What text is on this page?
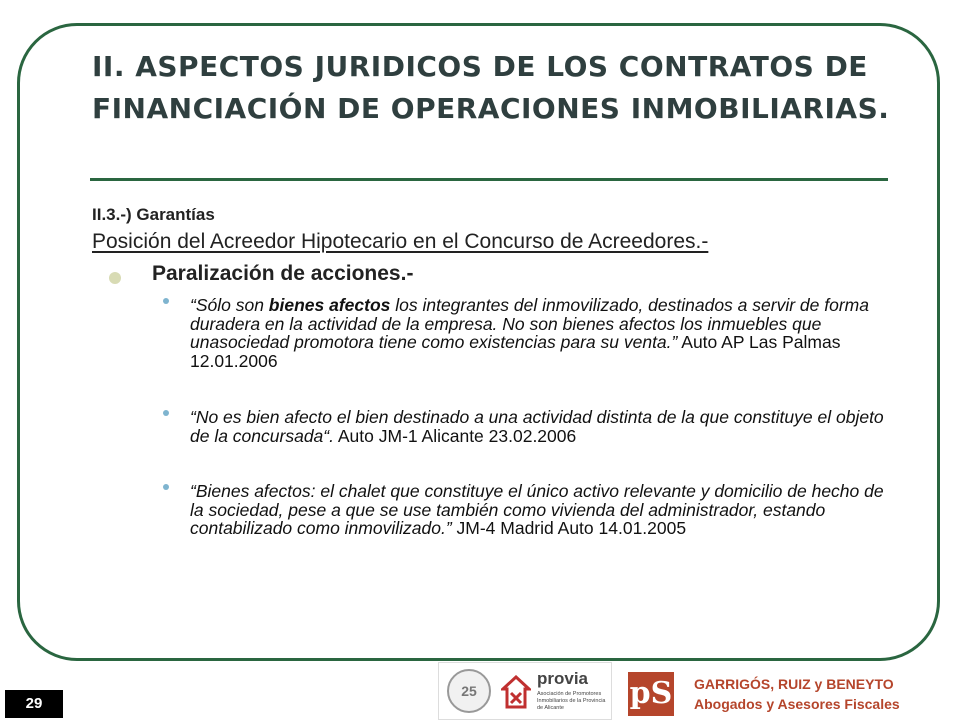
II. ASPECTOS JURIDICOS DE LOS CONTRATOS DE FINANCIACIÓN DE OPERACIONES INMOBILIARIAS.
II.3.-) Garantías
Posición del Acreedor Hipotecario en el Concurso de Acreedores.-
Paralización de acciones.-
“Sólo son bienes afectos los integrantes del inmovilizado, destinados a servir de forma duradera en la actividad de la empresa. No son bienes afectos los inmuebles que unasociedad promotora tiene como existencias para su venta.” Auto AP Las Palmas 12.01.2006
“No es bien afecto el bien destinado a una actividad distinta de la que constituye el objeto de la concursada“. Auto JM-1 Alicante 23.02.2006
“Bienes afectos: el chalet que constituye el único activo relevante y domicilio de hecho de la sociedad, pese a que se use también como vivienda del administrador, estando contabilizado como inmovilizado.” JM-4 Madrid Auto 14.01.2005
29
25
provia
Asociación de Promotores Inmobiliarios de la Provincia de Alicante	pS GARRIGÓS, RUIZ y BENEYTO
Abogados y Asesores Fiscales
